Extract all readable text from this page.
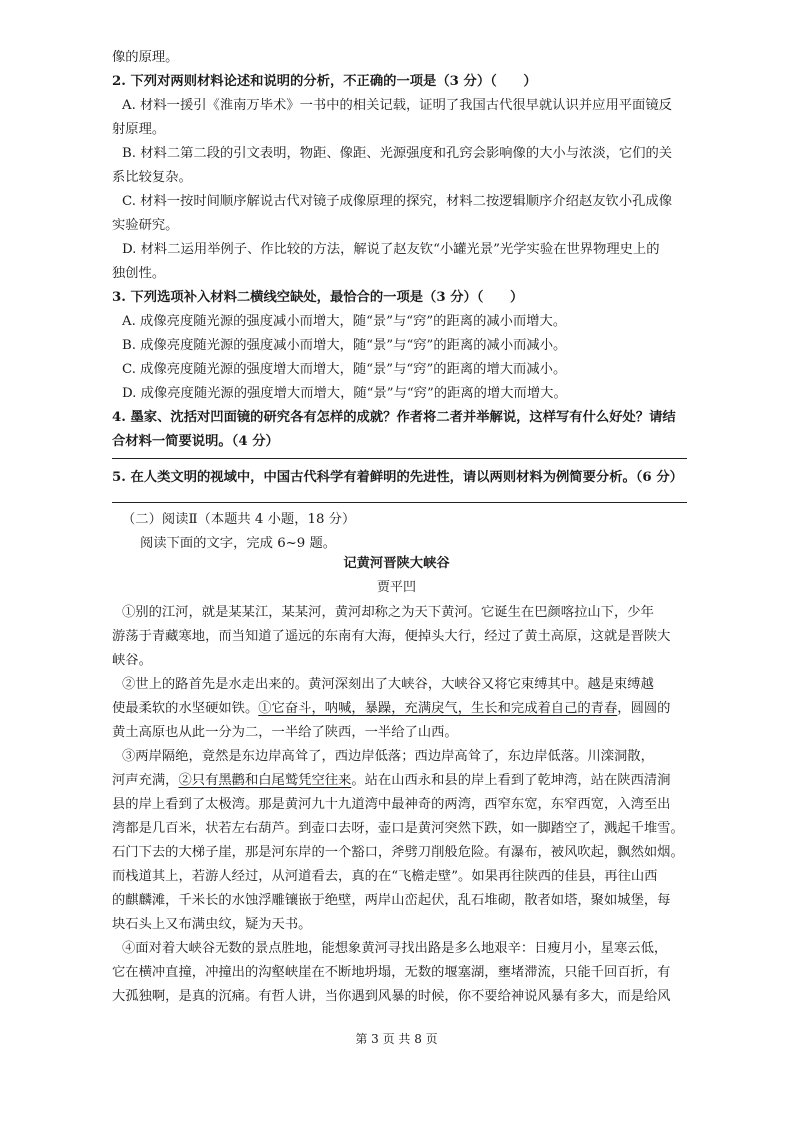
像的原理。
2. 下列对两则材料论述和说明的分析，不正确的一项是（3 分）（　　）
A. 材料一援引《淮南万毕术》一书中的相关记载，证明了我国古代很早就认识并应用平面镜反
射原理。
B. 材料二第二段的引文表明，物距、像距、光源强度和孔窍会影响像的大小与浓淡，它们的关
系比较复杂。
C. 材料一按时间顺序解说古代对镜子成像原理的探究，材料二按逻辑顺序介绍赵友钦小孔成像
实验研究。
D. 材料二运用举例子、作比较的方法，解说了赵友钦“小罐光景”光学实验在世界物理史上的
独创性。
3. 下列选项补入材料二横线空缺处，最恰合的一项是（3 分）（　　）
A. 成像亮度随光源的强度减小而增大，随“景”与“窍”的距离的减小而增大。
B. 成像亮度随光源的强度减小而增大，随“景”与“窍”的距离的减小而减小。
C. 成像亮度随光源的强度增大而增大，随“景”与“窍”的距离的增大而减小。
D. 成像亮度随光源的强度增大而增大，随“景”与“窍”的距离的增大而增大。
4. 墨家、沈括对凹面镜的研究各有怎样的成就？作者将二者并举解说，这样写有什么好处？请结
合材料一简要说明。（4 分）
5. 在人类文明的视域中，中国古代科学有着鲜明的先进性，请以两则材料为例简要分析。（6 分）
（二）阅读Ⅱ（本题共 4 小题，18 分）
阅读下面的文字，完成 6~9 题。
记黄河晋陕大峡谷
贾平凹
①别的江河，就是某某江，某某河，黄河却称之为天下黄河。它诞生在巴颜喀拉山下，少年
游荡于青藏寒地，而当知道了遥远的东南有大海，便掉头大行，经过了黄土高原，这就是晋陕大
峡谷。
②世上的路首先是水走出来的。黄河深刻出了大峡谷，大峡谷又将它束缚其中。越是束缚越
使最柔软的水坚硬如铁。①它奋斗，呐喊，暴躁，充满戾气，生长和完成着自己的青春，圆圆的
黄土高原也从此一分为二，一半给了陕西，一半给了山西。
③两岸隔绝，竟然是东边岸高耸了，西边岸低落；西边岸高耸了，东边岸低落。川滦洞散，
河声充满，②只有黑鹳和白尾鹫凭空往来。站在山西永和县的岸上看到了乾坤湾，站在陕西清涧
县的岸上看到了太极湾。那是黄河九十九道湾中最神奇的两湾，西窄东宽，东窄西宽，入湾至出
湾都是几百米，状若左右葫芦。到壶口去呀，壶口是黄河突然下跌，如一脚踏空了，溅起千堆雪。
石门下去的大梯子崖，那是河东岸的一个豁口，斧劈刀削般危险。有瀑布，被风吹起，飘然如烟。
而栈道其上，若游人经过，从河道看去，真的在“飞檐走壁”。如果再往陕西的佳县，再往山西
的麒麟滩，千米长的水蚀浮雕镶嵌于绝壁，两岸山峦起伏，乱石堆砌，散者如塔，聚如城堡，每
块石头上又布满虫纹，疑为天书。
④面对着大峡谷无数的景点胜地，能想象黄河寻找出路是多么地艰辛：日瘦月小，星寒云低，
它在横冲直撞，冲撞出的沟壑峡崖在不断地坍塌，无数的堰塞湖，壅堵滞流，只能千回百折，有
大孤独啊，是真的沉痛。有哲人讲，当你遇到风暴的时候，你不要给神说风暴有多大，而是给风
第 3 页 共 8 页
